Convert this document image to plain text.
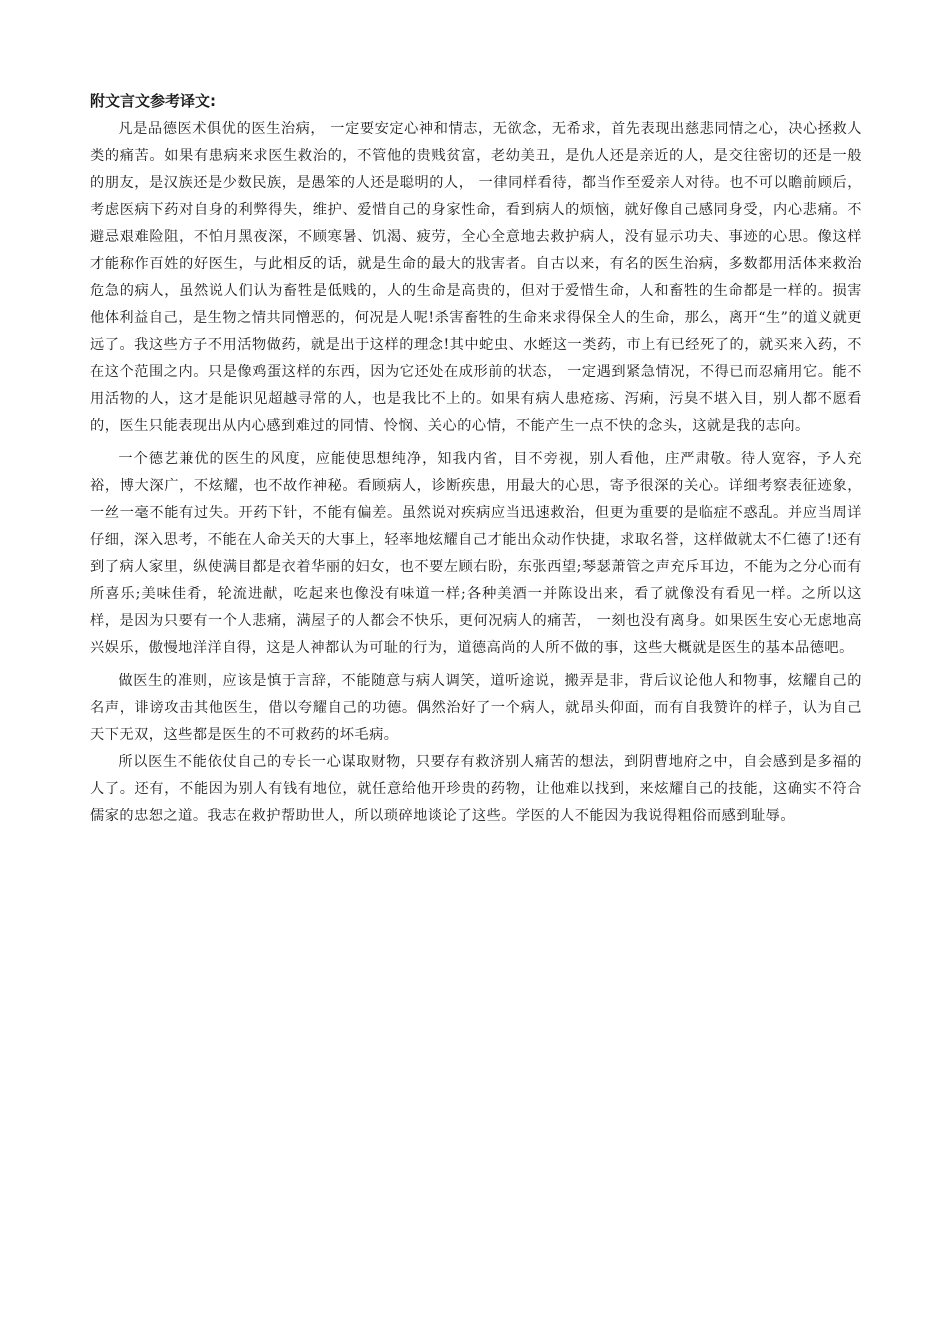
附文言文参考译文:

凡是品德医术俱优的医生治病， 一定要安定心神和情志，无欲念，无希求，首先表现出慈悲同情之心，决心拯救人类的痛苦。如果有患病来求医生救治的，不管他的贵贱贫富，老幼美丑，是仇人还是亲近的人，是交往密切的还是一般的朋友，是汉族还是少数民族，是愚笨的人还是聪明的人， 一律同样看待，都当作至爱亲人对待。也不可以瞻前顾后，考虑医病下药对自身的利弊得失，维护、爱惜自己的身家性命，看到病人的烦恼，就好像自己感同身受，内心悲痛。不避忌艰难险阻，不怕月黑夜深，不顾寒暑、饥渴、疲劳，全心全意地去救护病人，没有显示功夫、事迹的心思。像这样才能称作百姓的好医生，与此相反的话，就是生命的最大的戕害者。自古以来，有名的医生治病，多数都用活体来救治危急的病人，虽然说人们认为畜牲是低贱的，人的生命是高贵的，但对于爱惜生命，人和畜牲的生命都是一样的。损害他体利益自己，是生物之情共同憎恶的，何况是人呢!杀害畜牲的生命来求得保全人的生命，那么，离开“生”的道义就更远了。我这些方子不用活物做药，就是出于这样的理念!其中蛇虫、水蛭这一类药，市上有已经死了的，就买来入药，不在这个范围之内。只是像鸡蛋这样的东西，因为它还处在成形前的状态， 一定遇到紧急情况，不得已而忍痛用它。能不用活物的人，这才是能识见超越寻常的人，也是我比不上的。如果有病人患疮疡、泻痢，污臭不堪入目，别人都不愿看的，医生只能表现出从内心感到难过的同情、怜悯、关心的心情，不能产生一点不快的念头，这就是我的志向。

一个德艺兼优的医生的风度，应能使思想纯净，知我内省，目不旁视，别人看他，庄严肃敬。待人宽容，予人充裕，博大深广，不炫耀，也不故作神秘。看顾病人，诊断疾患，用最大的心思，寄予很深的关心。详细考察表征迹象， 一丝一毫不能有过失。开药下针，不能有偏差。虽然说对疾病应当迅速救治，但更为重要的是临症不惑乱。并应当周详仔细，深入思考，不能在人命关天的大事上，轻率地炫耀自己才能出众动作快捷，求取名誉，这样做就太不仁德了!还有到了病人家里，纵使满目都是衣着华丽的妇女，也不要左顾右盼，东张西望;琴瑟萧管之声充斥耳边，不能为之分心而有所喜乐;美味佳肴，轮流进献，吃起来也像没有味道一样;各种美酒一并陈设出来，看了就像没有看见一样。之所以这样，是因为只要有一个人悲痛，满屋子的人都会不快乐，更何况病人的痛苦， 一刻也没有离身。如果医生安心无虑地高兴娱乐，傲慢地洋洋自得，这是人神都认为可耻的行为，道德高尚的人所不做的事，这些大概就是医生的基本品德吧。

做医生的准则，应该是慎于言辞，不能随意与病人调笑，道听途说，搬弄是非，背后议论他人和物事，炫耀自己的名声，诽谤攻击其他医生，借以夸耀自己的功德。偶然治好了一个病人，就昂头仰面，而有自我赞许的样子，认为自己天下无双，这些都是医生的不可救药的坏毛病。

所以医生不能依仗自己的专长一心谋取财物，只要存有救济别人痛苦的想法，到阴曹地府之中，自会感到是多福的人了。还有，不能因为别人有钱有地位，就任意给他开珍贵的药物，让他难以找到，来炫耀自己的技能，这确实不符合儒家的忠恕之道。我志在救护帮助世人，所以琐碎地谈论了这些。学医的人不能因为我说得粗俗而感到耻辱。
